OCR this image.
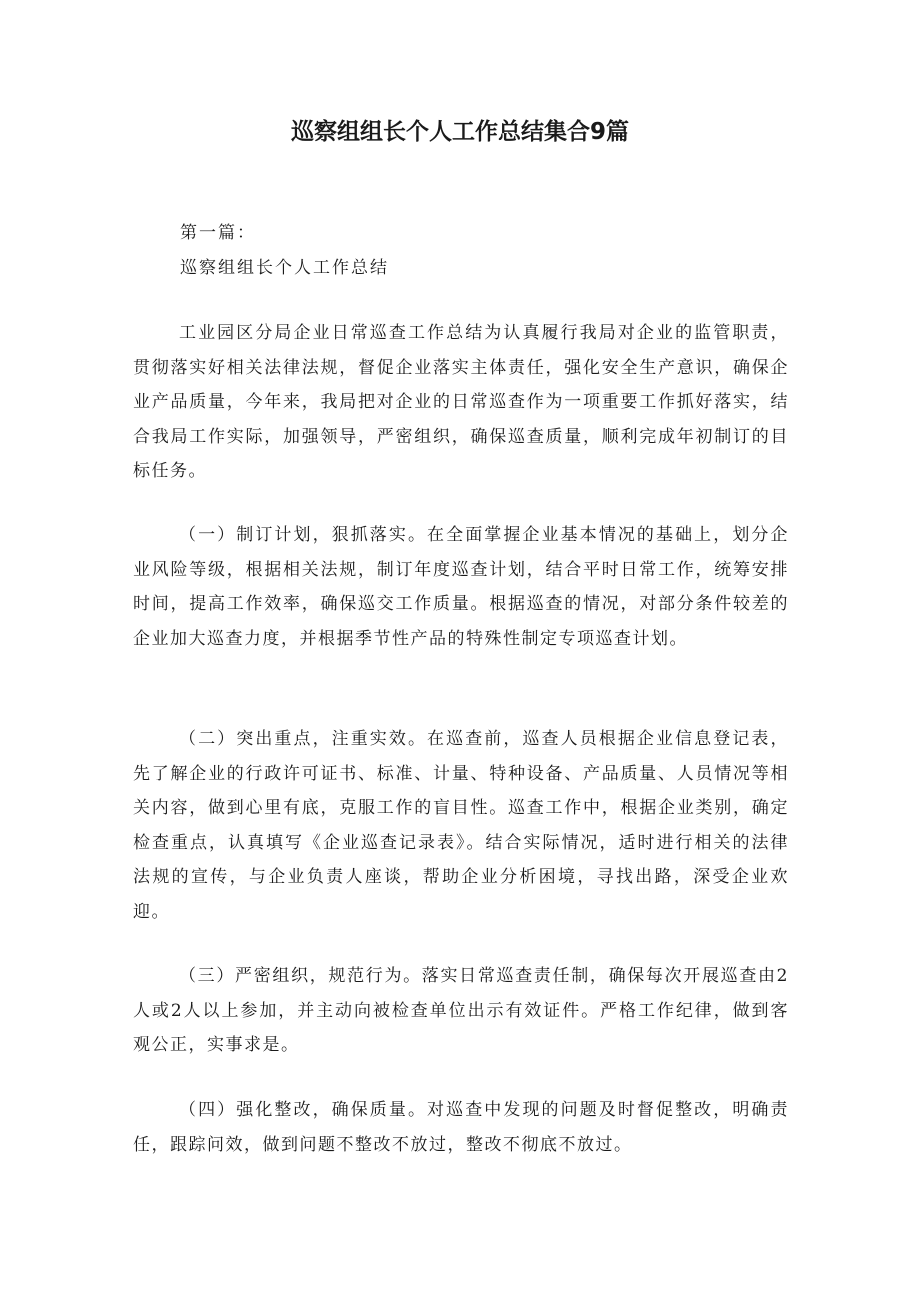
巡察组组长个人工作总结集合9篇
第一篇：
巡察组组长个人工作总结

工业园区分局企业日常巡查工作总结为认真履行我局对企业的监管职责，贯彻落实好相关法律法规，督促企业落实主体责任，强化安全生产意识，确保企业产品质量，今年来，我局把对企业的日常巡查作为一项重要工作抓好落实，结合我局工作实际，加强领导，严密组织，确保巡查质量，顺利完成年初制订的目标任务。

（一）制订计划，狠抓落实。在全面掌握企业基本情况的基础上，划分企业风险等级，根据相关法规，制订年度巡查计划，结合平时日常工作，统筹安排时间，提高工作效率，确保巡交工作质量。根据巡查的情况，对部分条件较差的企业加大巡查力度，并根据季节性产品的特殊性制定专项巡查计划。

（二）突出重点，注重实效。在巡查前，巡查人员根据企业信息登记表，先了解企业的行政许可证书、标准、计量、特种设备、产品质量、人员情况等相关内容，做到心里有底，克服工作的盲目性。巡查工作中，根据企业类别，确定检查重点，认真填写《企业巡查记录表》。结合实际情况，适时进行相关的法律法规的宣传，与企业负责人座谈，帮助企业分析困境，寻找出路，深受企业欢迎。

（三）严密组织，规范行为。落实日常巡查责任制，确保每次开展巡查由2人或2人以上参加，并主动向被检查单位出示有效证件。严格工作纪律，做到客观公正，实事求是。

（四）强化整改，确保质量。对巡查中发现的问题及时督促整改，明确责任，跟踪问效，做到问题不整改不放过，整改不彻底不放过。
